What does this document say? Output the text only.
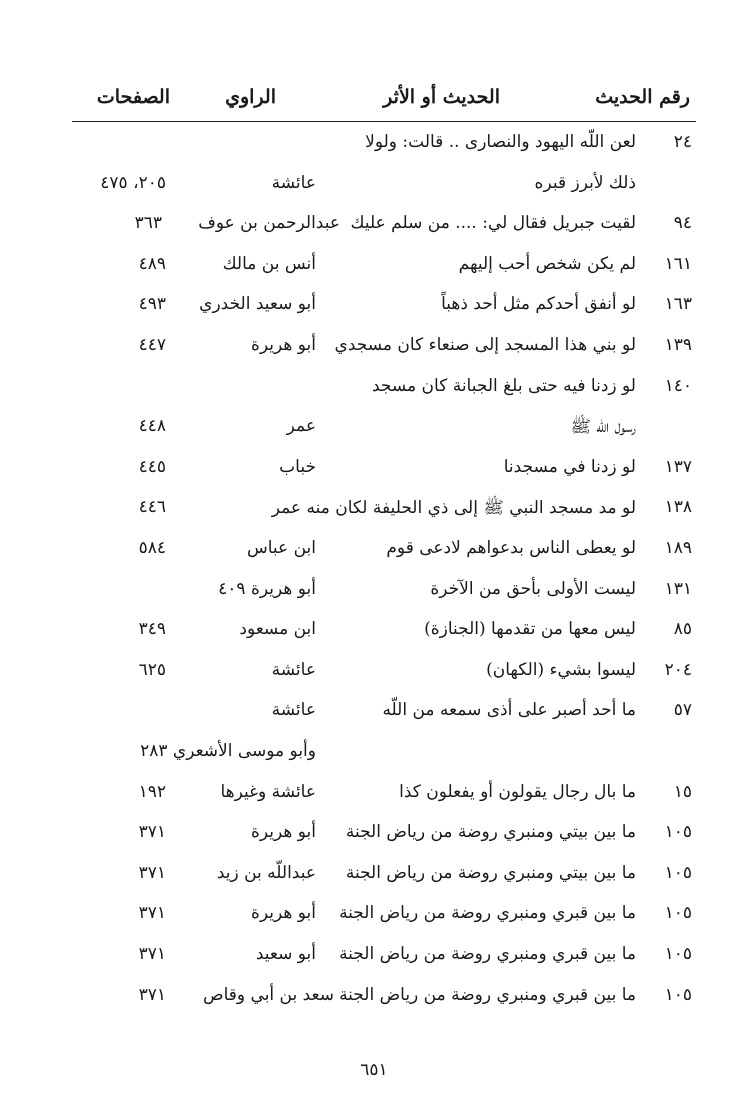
رقم الحديث
الحديث أو الأثر
الراوي
الصفحات
٢٤
لعن اللّه اليهود والنصارى .. قالت: ولولا
ذلك لأبرز قبره
عائشة
٢٠٥، ٤٧٥
٩٤
لقيت جبريل فقال لي: .... من سلم عليك
عبدالرحمن بن عوف
٣٦٣
١٦١
لم يكن شخص أحب إليهم
أنس بن مالك
٤٨٩
١٦٣
لو أنفق أحدكم مثل أحد ذهباً
أبو سعيد الخدري
٤٩٣
١٣٩
لو بني هذا المسجد إلى صنعاء كان مسجدي
أبو هريرة
٤٤٧
١٤٠
لو زدنا فيه حتى بلغ الجبانة كان مسجد
رسول اللّه ﷺ
عمر
٤٤٨
١٣٧
لو زدنا في مسجدنا
خباب
٤٤٥
١٣٨
لو مد مسجد النبي ﷺ إلى ذي الحليفة لكان منه عمر
٤٤٦
١٨٩
لو يعطى الناس بدعواهم لادعى قوم
ابن عباس
٥٨٤
١٣١
ليست الأولى بأحق من الآخرة
أبو هريرة ٤٠٩
٨٥
ليس معها من تقدمها (الجنازة)
ابن مسعود
٣٤٩
٢٠٤
ليسوا بشيء (الكهان)
عائشة
٦٢٥
٥٧
ما أحد أصبر على أذى سمعه من اللّه
عائشة
وأبو موسى الأشعري ٢٨٣
١٥
ما بال رجال يقولون أو يفعلون كذا
عائشة وغيرها
١٩٢
١٠٥
ما بين بيتي ومنبري روضة من رياض الجنة
أبو هريرة
٣٧١
١٠٥
ما بين بيتي ومنبري روضة من رياض الجنة
عبداللّه بن زيد
٣٧١
١٠٥
ما بين قبري ومنبري روضة من رياض الجنة
أبو هريرة
٣٧١
١٠٥
ما بين قبري ومنبري روضة من رياض الجنة
أبو سعيد
٣٧١
١٠٥
ما بين قبري ومنبري روضة من رياض الجنة
سعد بن أبي وقاص
٣٧١
٦٥١
